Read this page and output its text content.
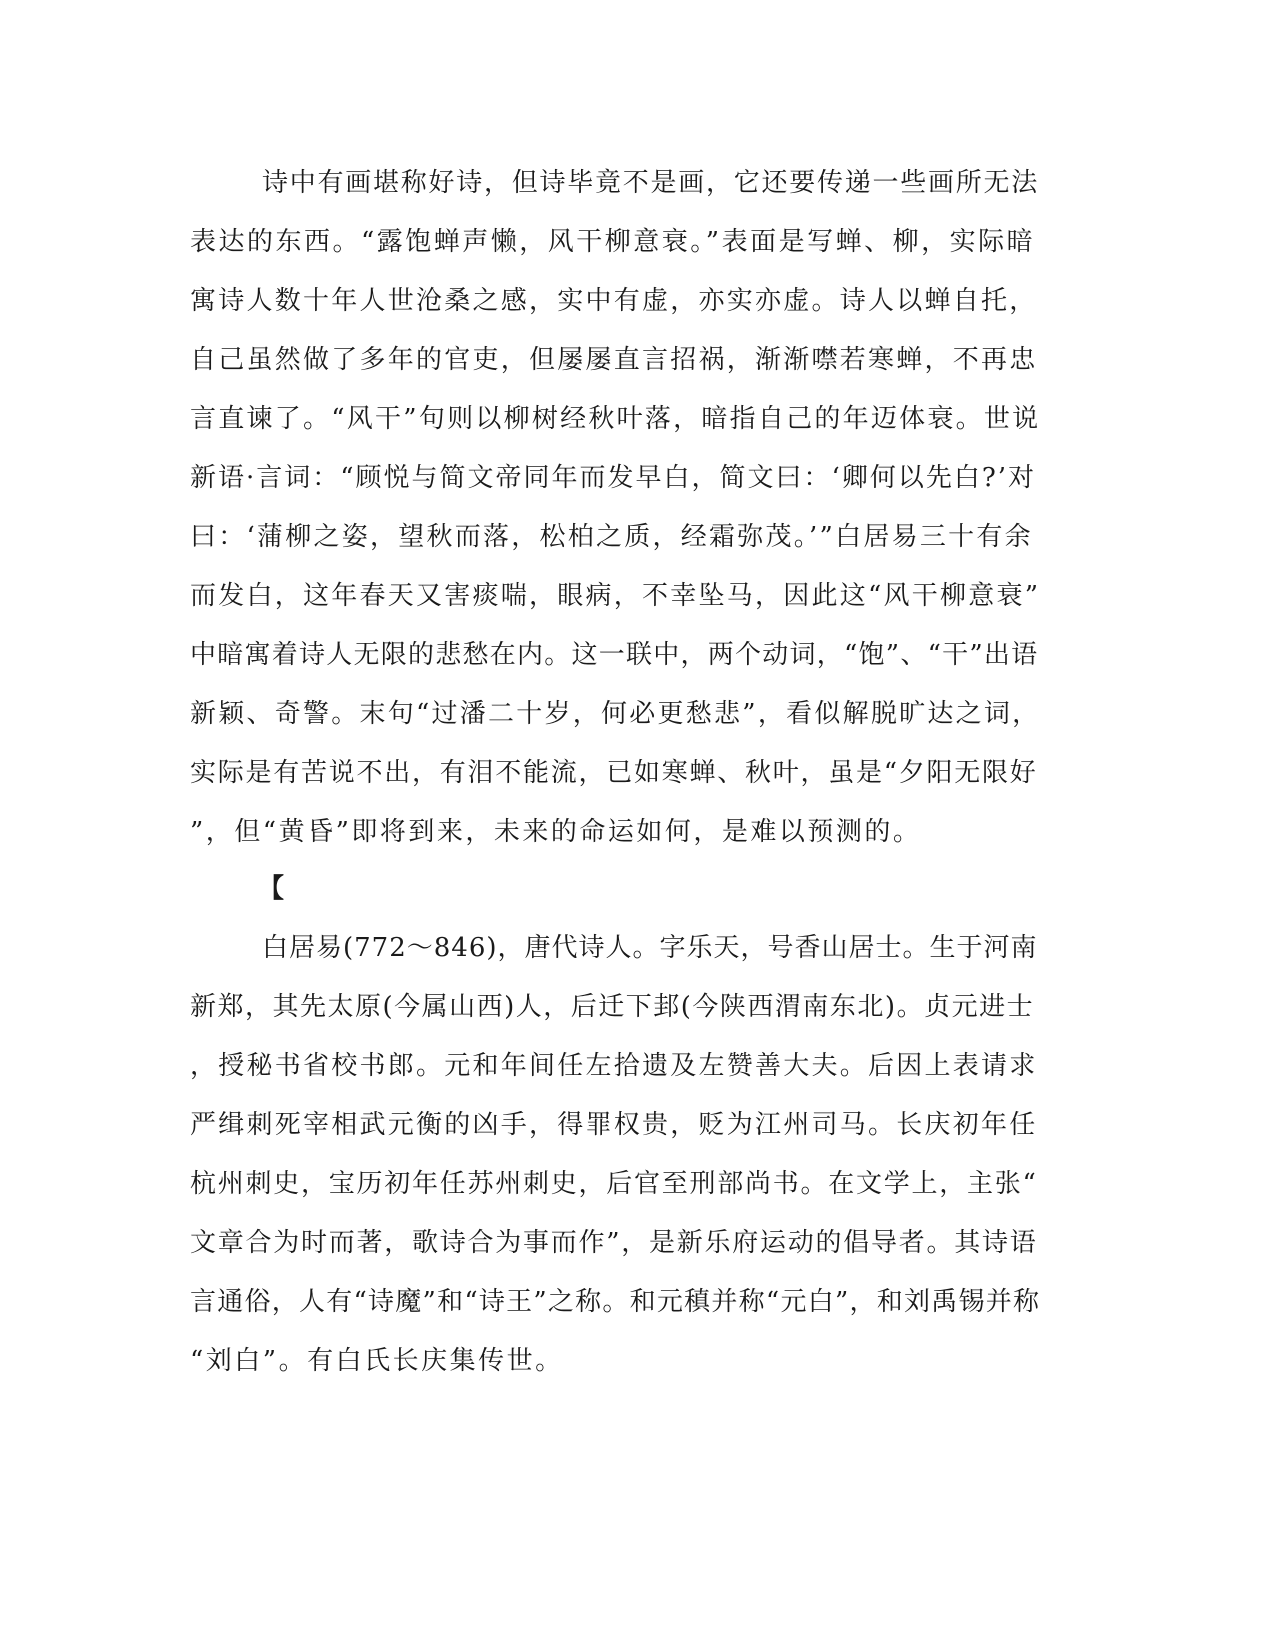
诗中有画堪称好诗，但诗毕竟不是画，它还要传递一些画所无法
表达的东西。“露饱蝉声懒，风干柳意衰。”表面是写蝉、柳，实际暗
寓诗人数十年人世沧桑之感，实中有虚，亦实亦虚。诗人以蝉自托，
自己虽然做了多年的官吏，但屡屡直言招祸，渐渐噤若寒蝉，不再忠
言直谏了。“风干”句则以柳树经秋叶落，暗指自己的年迈体衰。世说
新语·言词：“顾悦与简文帝同年而发早白，简文曰：‘卿何以先白?’对
曰：‘蒲柳之姿，望秋而落，松柏之质，经霜弥茂。’”白居易三十有余
而发白，这年春天又害痰喘，眼病，不幸坠马，因此这“风干柳意衰”
中暗寓着诗人无限的悲愁在内。这一联中，两个动词，“饱”、“干”出语
新颖、奇警。末句“过潘二十岁，何必更愁悲”，看似解脱旷达之词，
实际是有苦说不出，有泪不能流，已如寒蝉、秋叶，虽是“夕阳无限好
”，但“黄昏”即将到来，未来的命运如何，是难以预测的。
【
白居易(772～846)，唐代诗人。字乐天，号香山居士。生于河南
新郑，其先太原(今属山西)人，后迁下邽(今陕西渭南东北)。贞元进士
，授秘书省校书郎。元和年间任左拾遗及左赞善大夫。后因上表请求
严缉刺死宰相武元衡的凶手，得罪权贵，贬为江州司马。长庆初年任
杭州刺史，宝历初年任苏州刺史，后官至刑部尚书。在文学上，主张“
文章合为时而著，歌诗合为事而作”，是新乐府运动的倡导者。其诗语
言通俗，人有“诗魔”和“诗王”之称。和元稹并称“元白”，和刘禹锡并称
“刘白”。有白氏长庆集传世。
